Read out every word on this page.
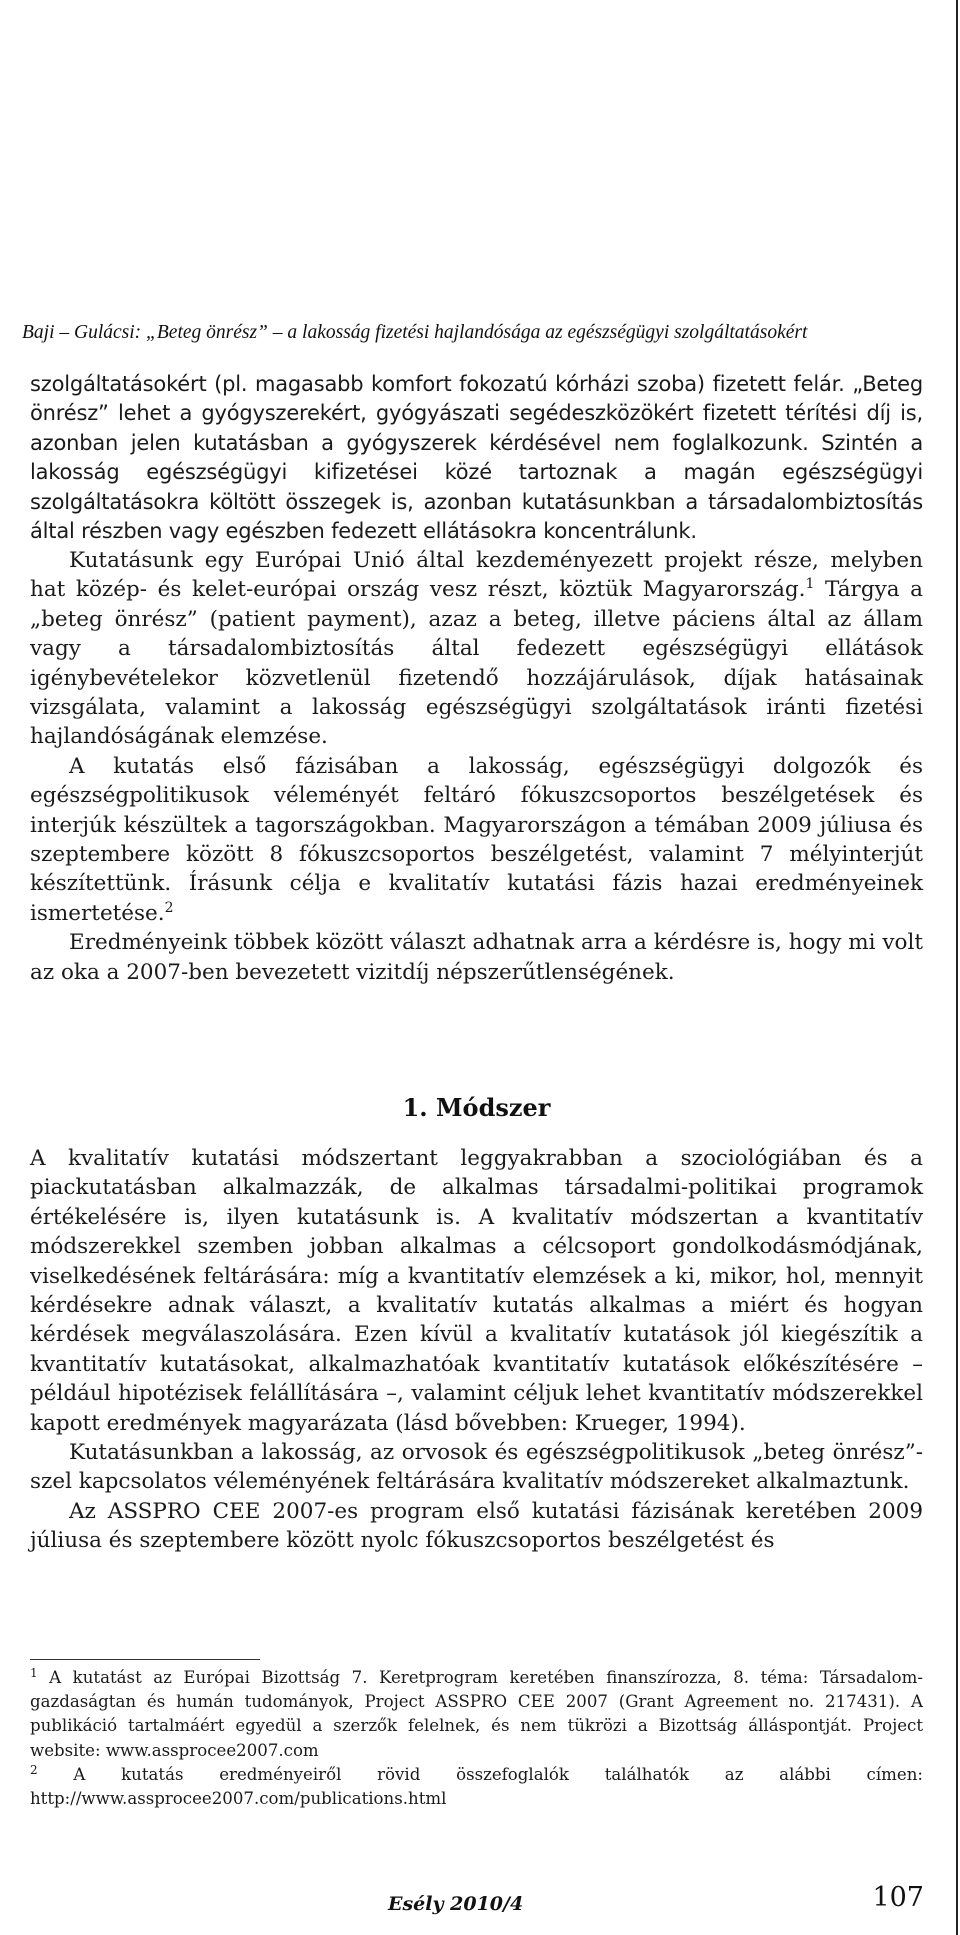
Baji – Gulácsi: „Beteg önrész” – a lakosság fizetési hajlandósága az egészségügyi szolgáltatásokért

szolgáltatásokért (pl. magasabb komfort fokozatú kórházi szoba) fizetett felár. „Beteg önrész” lehet a gyógyszerekért, gyógyászati segédeszközökért fizetett térítési díj is, azonban jelen kutatásban a gyógyszerek kérdésével nem foglalkozunk. Szintén a lakosság egészségügyi kifizetései közé tartoznak a magán egészségügyi szolgáltatásokra költött összegek is, azonban kutatásunkban a társadalombiztosítás által részben vagy egészben fedezett ellátásokra koncentrálunk.

Kutatásunk egy Európai Unió által kezdeményezett projekt része, melyben hat közép- és kelet-európai ország vesz részt, köztük Magyarország.$^1$ Tárgya a „beteg önrész” (patient payment), azaz a beteg, illetve páciens által az állam vagy a társadalombiztosítás által fedezett egészségügyi ellátások igénybevételekor közvetlenül fizetendő hozzájárulások, díjak hatásainak vizsgálata, valamint a lakosság egészségügyi szolgáltatások iránti fizetési hajlandóságának elemzése.

A kutatás első fázisában a lakosság, egészségügyi dolgozók és egészségpolitikusok véleményét feltáró fókuszcsoportos beszélgetések és interjúk készültek a tagországokban. Magyarországon a témában 2009 júliusa és szeptembere között 8 fókuszcsoportos beszélgetést, valamint 7 mélyinterjút készítettünk. Írásunk célja e kvalitatív kutatási fázis hazai eredményeinek ismertetése.$^2$

Eredményeink többek között választ adhatnak arra a kérdésre is, hogy mi volt az oka a 2007-ben bevezetett vizitdíj népszerűtlenségének.

1. Módszer

A kvalitatív kutatási módszertant leggyakrabban a szociológiában és a piackutatásban alkalmazzák, de alkalmas társadalmi-politikai programok értékelésére is, ilyen kutatásunk is. A kvalitatív módszertan a kvantitatív módszerekkel szemben jobban alkalmas a célcsoport gondolkodásmódjának, viselkedésének feltárására: míg a kvantitatív elemzések a ki, mikor, hol, mennyit kérdésekre adnak választ, a kvalitatív kutatás alkalmas a miért és hogyan kérdések megválaszolására. Ezen kívül a kvalitatív kutatások jól kiegészítik a kvantitatív kutatásokat, alkalmazhatóak kvantitatív kutatások előkészítésére – például hipotézisek felállítására –, valamint céljuk lehet kvantitatív módszerekkel kapott eredmények magyarázata (lásd bővebben: Krueger, 1994).

Kutatásunkban a lakosság, az orvosok és egészségpolitikusok „beteg önrész”-szel kapcsolatos véleményének feltárására kvalitatív módszereket alkalmaztunk.

Az ASSPRO CEE 2007-es program első kutatási fázisának keretében 2009 júliusa és szeptembere között nyolc fókuszcsoportos beszélgetést és

$^1$ A kutatást az Európai Bizottság 7. Keretprogram keretében finanszírozza, 8. téma: Társadalom-gazdaságtan és humán tudományok, Project ASSPRO CEE 2007 (Grant Agreement no. 217431). A publikáció tartalmáért egyedül a szerzők felelnek, és nem tükrözi a Bizottság álláspontját. Project website: www.assprocee2007.com

$^2$ A kutatás eredményeiről rövid összefoglalók találhatók az alábbi címen: http://www.assprocee2007.com/publications.html

Esély 2010/4	107
